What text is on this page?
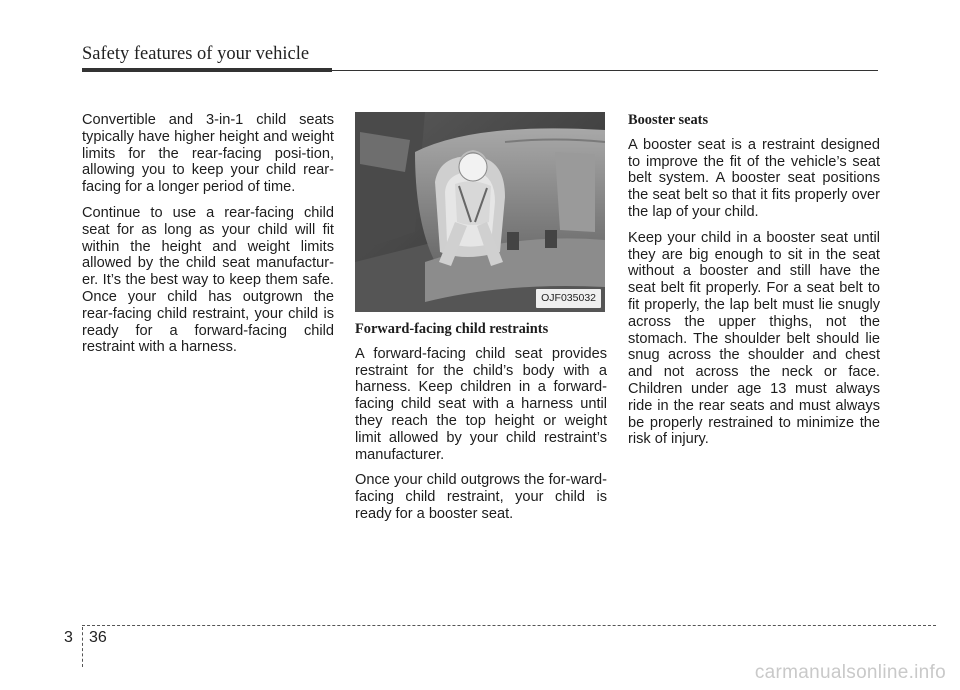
Safety features of your vehicle

Convertible and 3-in-1 child seats typically have higher height and weight limits for the rear-facing posi-tion, allowing you to keep your child rear-facing for a longer period of time.

Continue to use a rear-facing child seat for as long as your child will fit within the height and weight limits allowed by the child seat manufactur-er. It’s the best way to keep them safe. Once your child has outgrown the rear-facing child restraint, your child is ready for a forward-facing child restraint with a harness.

OJF035032
Forward-facing child restraints

A forward-facing child seat provides restraint for the child’s body with a harness. Keep children in a forward-facing child seat with a harness until they reach the top height or weight limit allowed by your child restraint’s manufacturer.

Once your child outgrows the for-ward-facing child restraint, your child is ready for a booster seat.

Booster seats

A booster seat is a restraint designed to improve the fit of the vehicle’s seat belt system. A booster seat positions the seat belt so that it fits properly over the lap of your child.

Keep your child in a booster seat until they are big enough to sit in the seat without a booster and still have the seat belt fit properly. For a seat belt to fit properly, the lap belt must lie snugly across the upper thighs, not the stomach. The shoulder belt should lie snug across the shoulder and chest and not across the neck or face. Children under age 13 must always ride in the rear seats and must always be properly restrained to minimize the risk of injury.

3 36
carmanualsonline.info
